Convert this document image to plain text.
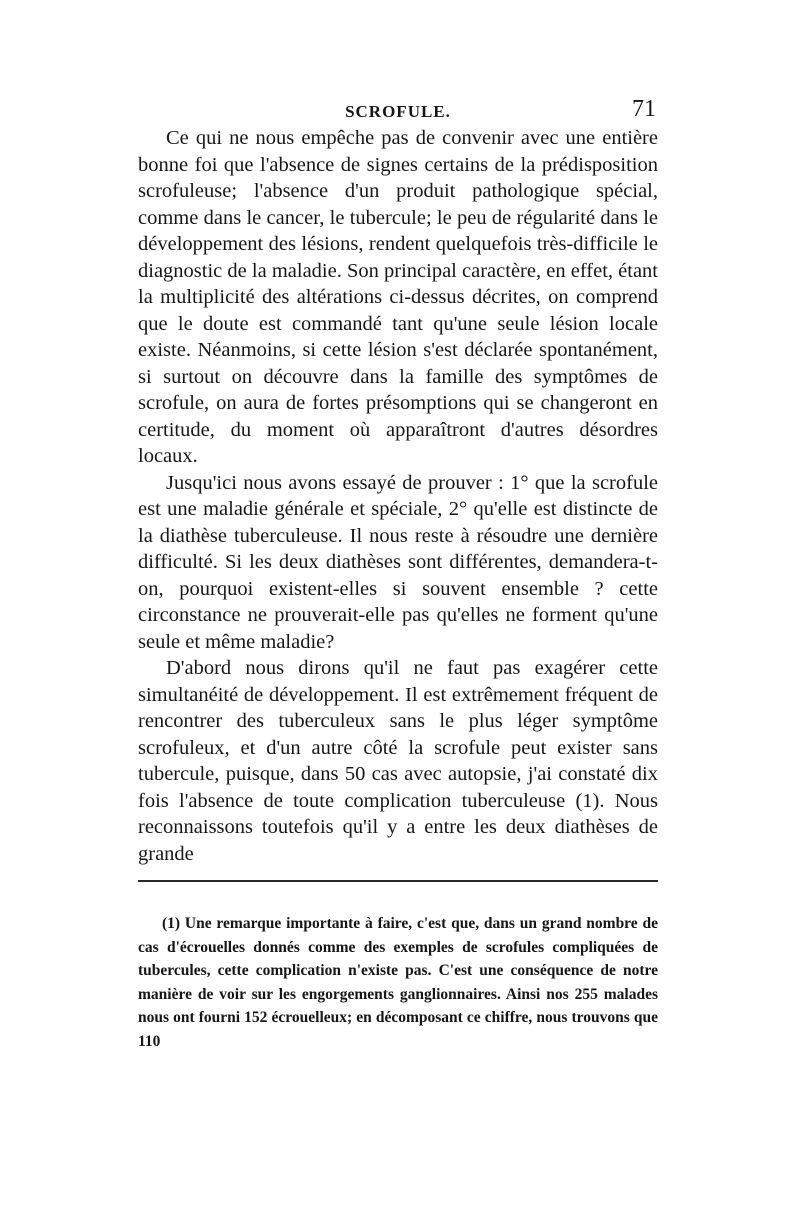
SCROFULE.	71

Ce qui ne nous empêche pas de convenir avec une entière bonne foi que l'absence de signes certains de la prédisposition scrofuleuse; l'absence d'un produit pathologique spécial, comme dans le cancer, le tubercule; le peu de régularité dans le développement des lésions, rendent quelquefois très-difficile le diagnostic de la maladie. Son principal caractère, en effet, étant la multiplicité des altérations ci-dessus décrites, on comprend que le doute est commandé tant qu'une seule lésion locale existe. Néanmoins, si cette lésion s'est déclarée spontanément, si surtout on découvre dans la famille des symptômes de scrofule, on aura de fortes présomptions qui se changeront en certitude, du moment où apparaîtront d'autres désordres locaux.

Jusqu'ici nous avons essayé de prouver : 1° que la scrofule est une maladie générale et spéciale, 2° qu'elle est distincte de la diathèse tuberculeuse. Il nous reste à résoudre une dernière difficulté. Si les deux diathèses sont différentes, demandera-t-on, pourquoi existent-elles si souvent ensemble ? cette circonstance ne prouverait-elle pas qu'elles ne forment qu'une seule et même maladie?

D'abord nous dirons qu'il ne faut pas exagérer cette simultanéité de développement. Il est extrêmement fréquent de rencontrer des tuberculeux sans le plus léger symptôme scrofuleux, et d'un autre côté la scrofule peut exister sans tubercule, puisque, dans 50 cas avec autopsie, j'ai constaté dix fois l'absence de toute complication tuberculeuse (1). Nous reconnaissons toutefois qu'il y a entre les deux diathèses de grande

(1) Une remarque importante à faire, c'est que, dans un grand nombre de cas d'écrouelles donnés comme des exemples de scrofules compliquées de tubercules, cette complication n'existe pas. C'est une conséquence de notre manière de voir sur les engorgements ganglionnaires. Ainsi nos 255 malades nous ont fourni 152 écrouelleux; en décomposant ce chiffre, nous trouvons que 110
